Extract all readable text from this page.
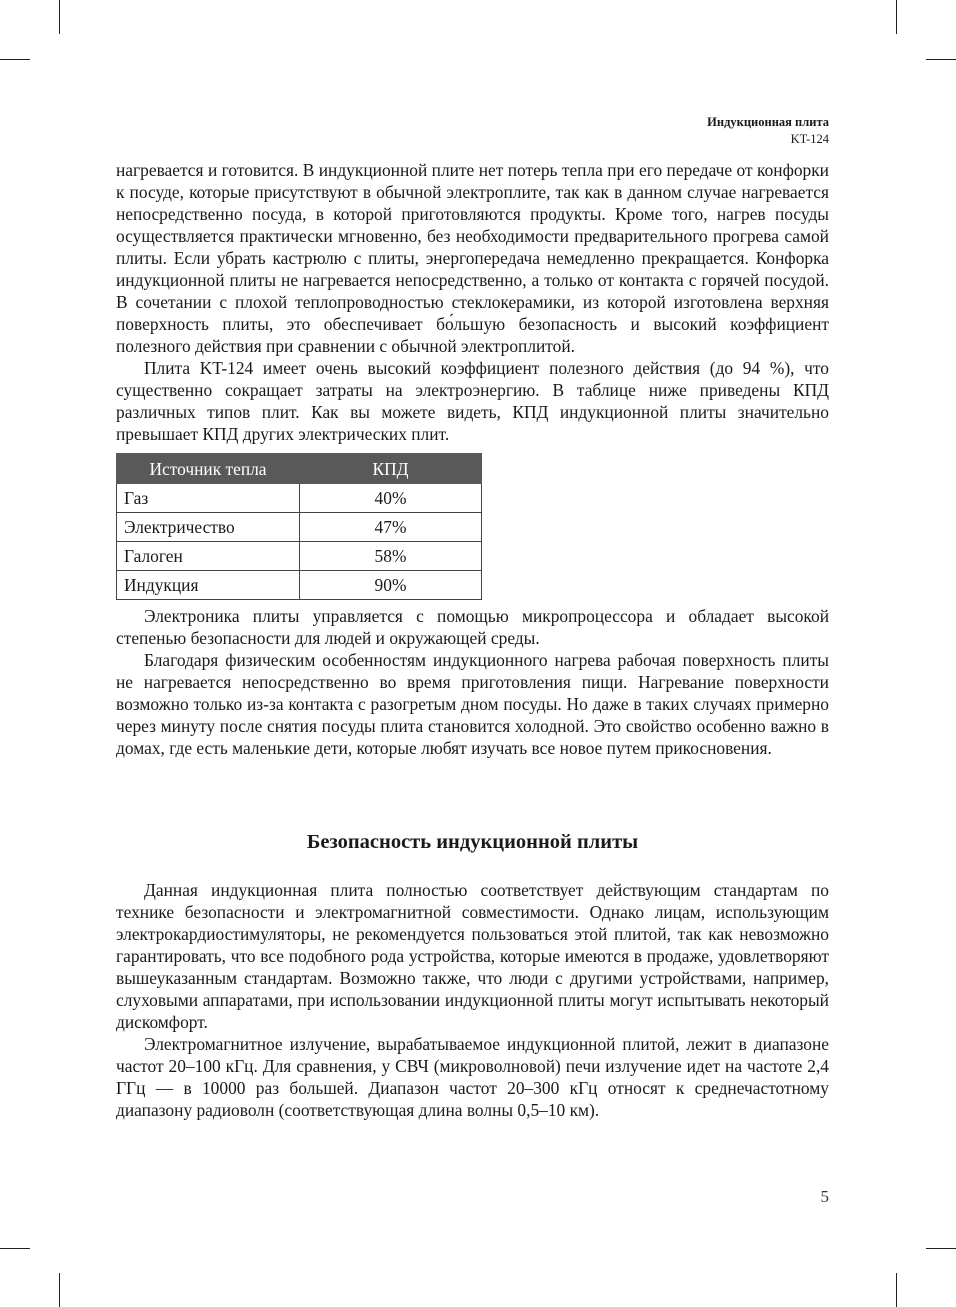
Индукционная плита
KT-124

нагревается и готовится. В индукционной плите нет потерь тепла при его передаче от конфорки к посуде, которые присутствуют в обычной электроплите, так как в данном случае нагревается непосредственно посуда, в которой приготовляются продукты. Кроме того, нагрев посуды осуществляется практически мгновенно, без необходимости предварительного прогрева самой плиты. Если убрать кастрюлю с плиты, энергопередача немедленно прекращается. Конфорка индукционной плиты не нагревается непосредственно, а только от контакта с горячей посудой. В сочетании с плохой теплопроводностью стеклокерамики, из которой изготовлена верхняя поверхность плиты, это обеспечивает бо́льшую безопасность и высокий коэффициент полезного действия при сравнении с обычной электроплитой.

Плита KT-124 имеет очень высокий коэффициент полезного действия (до 94 %), что существенно сокращает затраты на электроэнергию. В таблице ниже приведены КПД различных типов плит. Как вы можете видеть, КПД индукционной плиты значительно превышает КПД других электрических плит.

Источник тепла	КПД
Газ	40%
Электричество	47%
Галоген	58%
Индукция	90%

Электроника плиты управляется с помощью микропроцессора и обладает высокой степенью безопасности для людей и окружающей среды.

Благодаря физическим особенностям индукционного нагрева рабочая поверхность плиты не нагревается непосредственно во время приготовления пищи. Нагревание поверхности возможно только из-за контакта с разогретым дном посуды. Но даже в таких случаях примерно через минуту после снятия посуды плита становится холодной. Это свойство особенно важно в домах, где есть маленькие дети, которые любят изучать все новое путем прикосновения.

Безопасность индукционной плиты

Данная индукционная плита полностью соответствует действующим стандартам по технике безопасности и электромагнитной совместимости. Однако лицам, использующим электрокардиостимуляторы, не рекомендуется пользоваться этой плитой, так как невозможно гарантировать, что все подобного рода устройства, которые имеются в продаже, удовлетворяют вышеуказанным стандартам. Возможно также, что люди с другими устройствами, например, слуховыми аппаратами, при использовании индукционной плиты могут испытывать некоторый дискомфорт.

Электромагнитное излучение, вырабатываемое индукционной плитой, лежит в диапазоне частот 20–100 кГц. Для сравнения, у СВЧ (микроволновой) печи излучение идет на частоте 2,4 ГГц — в 10000 раз большей. Диапазон частот 20–300 кГц относят к среднечастотному диапазону радиоволн (соответствующая длина волны 0,5–10 км).

5
